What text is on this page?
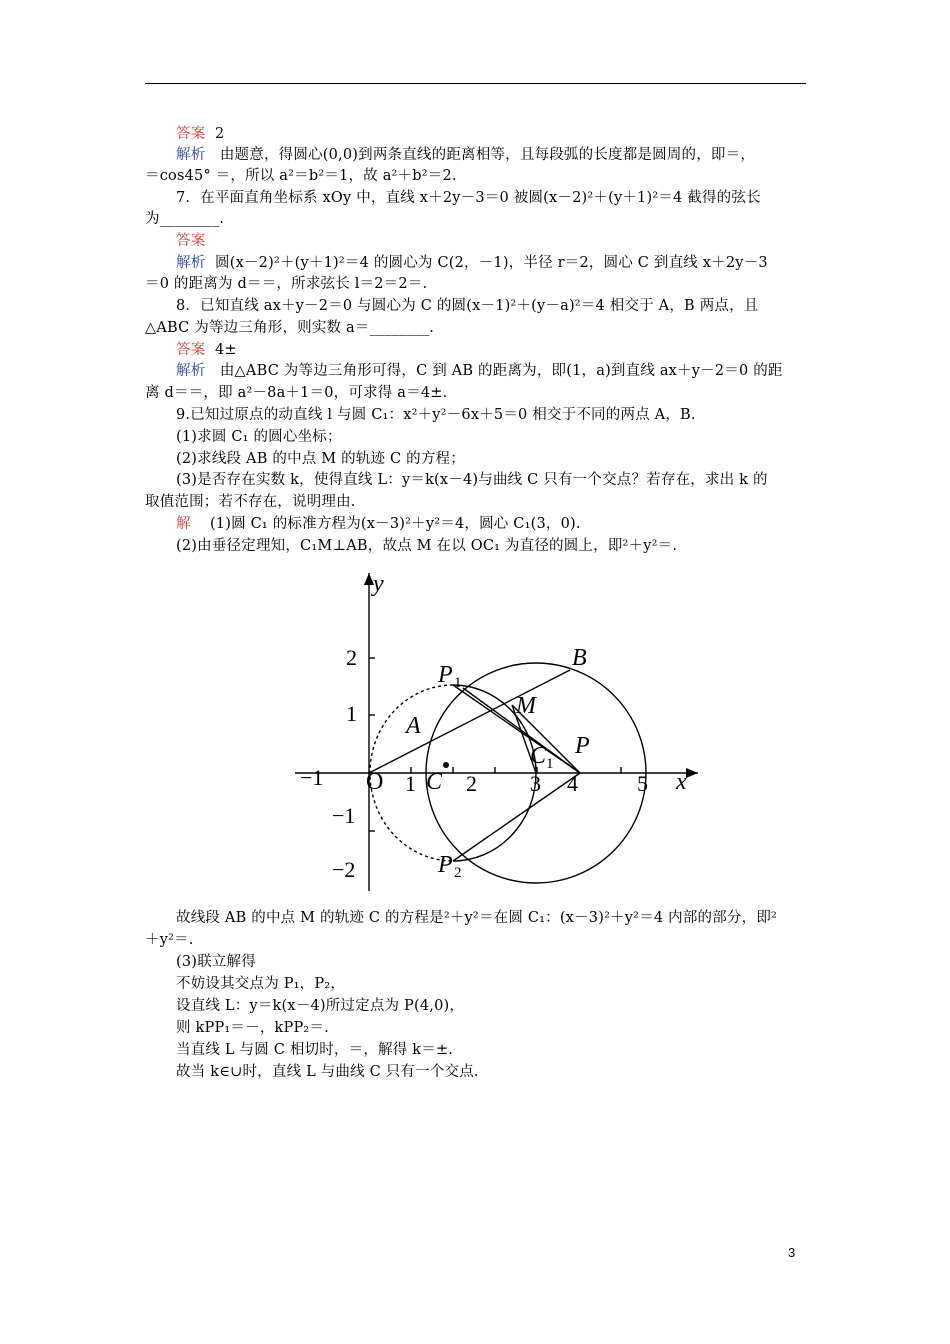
答案 2
解析 由题意，得圆心(0,0)到两条直线的距离相等，且每段弧的长度都是圆周的，即＝，
＝cos45° ＝，所以 a²＝b²＝1，故 a²＋b²＝2.
7．在平面直角坐标系 xOy 中，直线 x＋2y－3＝0 被圆(x－2)²＋(y＋1)²＝4 截得的弦长
为________.
答案
解析 圆(x－2)²＋(y＋1)²＝4 的圆心为 C(2，－1)，半径 r＝2，圆心 C 到直线 x＋2y－3
＝0 的距离为 d＝＝，所求弦长 l＝2＝2＝.
8．已知直线 ax＋y－2＝0 与圆心为 C 的圆(x－1)²＋(y－a)²＝4 相交于 A，B 两点，且
△ABC 为等边三角形，则实数 a＝________.
答案 4±
解析 由△ABC 为等边三角形可得，C 到 AB 的距离为，即(1，a)到直线 ax＋y－2＝0 的距
离 d＝＝，即 a²－8a＋1＝0，可求得 a＝4±.
9.已知过原点的动直线 l 与圆 C₁：x²＋y²－6x＋5＝0 相交于不同的两点 A，B.
(1)求圆 C₁ 的圆心坐标；
(2)求线段 AB 的中点 M 的轨迹 C 的方程；
(3)是否存在实数 k，使得直线 L：y＝k(x－4)与曲线 C 只有一个交点？若存在，求出 k 的
取值范围；若不存在，说明理由.
解 (1)圆 C₁ 的标准方程为(x－3)²＋y²＝4，圆心 C₁(3，0).
(2)由垂径定理知，C₁M⊥AB，故点 M 在以 OC₁ 为直径的圆上，即²＋y²＝.
y
x
O
P 1
P 2
B
M
A
C 1
P
C
−1	1 2 3 4	5
2
1
−1
−2
故线段 AB 的中点 M 的轨迹 C 的方程是²＋y²＝在圆 C₁：(x－3)²＋y²＝4 内部的部分，即²
＋y²＝.
(3)联立解得
不妨设其交点为 P₁，P₂，
设直线 L：y＝k(x－4)所过定点为 P(4,0)，
则 kPP₁＝－，kPP₂＝.
当直线 L 与圆 C 相切时，＝，解得 k＝±.
故当 k∈∪时，直线 L 与曲线 C 只有一个交点.
3
